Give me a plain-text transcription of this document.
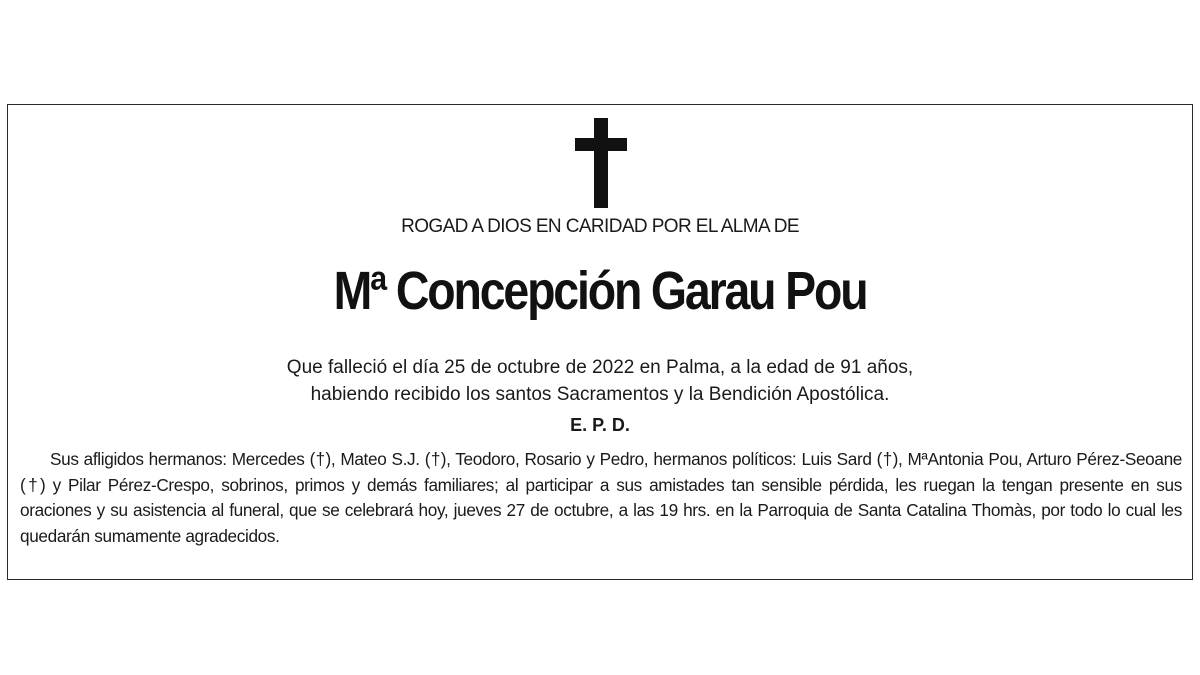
ROGAD A DIOS EN CARIDAD POR EL ALMA DE
Mª Concepción Garau Pou
Que falleció el día 25 de octubre de 2022 en Palma, a la edad de 91 años,
habiendo recibido los santos Sacramentos y la Bendición Apostólica.
E. P. D.
Sus afligidos hermanos: Mercedes (†), Mateo S.J. (†), Teodoro, Rosario y Pedro, hermanos políticos: Luis Sard (†), MªAntonia Pou, Arturo Pérez-Seoane (†) y Pilar Pérez-Crespo, sobrinos, primos y demás familiares; al participar a sus amistades tan sensible pérdida, les ruegan la tengan presente en sus oraciones y su asistencia al funeral, que se celebrará hoy, jueves 27 de octubre, a las 19 hrs. en la Parroquia de Santa Catalina Thomàs, por todo lo cual les quedarán sumamente agradecidos.
